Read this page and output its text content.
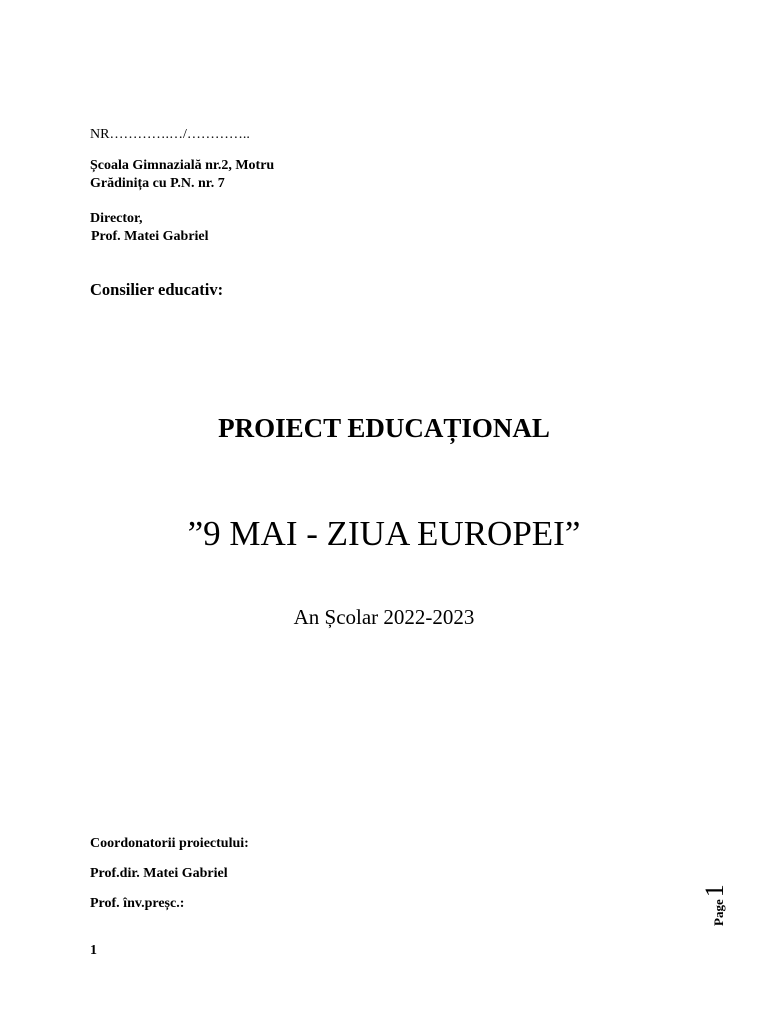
NR………….…/…………..
Școala Gimnazială nr.2, Motru
Grădinița cu P.N. nr. 7
Director,
Prof. Matei Gabriel
Consilier educativ:
PROIECT EDUCAȚIONAL
”9 MAI - ZIUA EUROPEI”
An Școlar 2022-2023
Coordonatorii proiectului:
Prof.dir. Matei Gabriel
Prof. înv.preșc.:
1
Page
1
